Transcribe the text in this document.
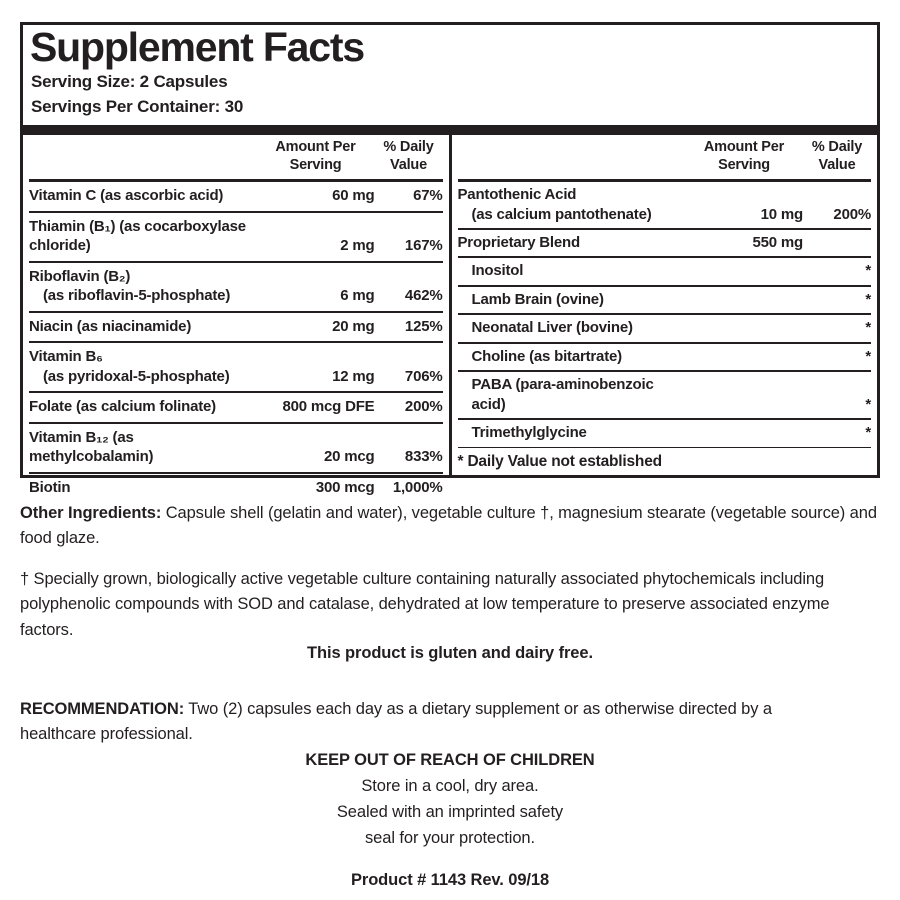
Supplement Facts
Serving Size: 2 Capsules
Servings Per Container: 30
Amount Per Serving
% Daily Value
Vitamin C (as ascorbic acid)	60 mg	67%
Thiamin (B₁) (as cocarboxylase chloride)	2 mg	167%
Riboflavin (B₂)
(as riboflavin-5-phosphate)	6 mg	462%
Niacin (as niacinamide)	20 mg	125%
Vitamin B₆
(as pyridoxal-5-phosphate)	12 mg	706%
Folate (as calcium folinate)	800 mcg DFE	200%
Vitamin B₁₂ (as methylcobalamin)	20 mcg	833%
Biotin	300 mcg	1,000%
Amount Per Serving
% Daily Value
Pantothenic Acid
(as calcium pantothenate)	10 mg	200%
Proprietary Blend	550 mg
Inositol	*
Lamb Brain (ovine)	*
Neonatal Liver (bovine)	*
Choline (as bitartrate)	*
PABA (para-aminobenzoic acid)	*
Trimethylglycine	*
* Daily Value not established

Other Ingredients: Capsule shell (gelatin and water), vegetable culture †, magnesium stearate (vegetable source) and food glaze.

† Specially grown, biologically active vegetable culture containing naturally associated phytochemicals including polyphenolic compounds with SOD and catalase, dehydrated at low temperature to preserve associated enzyme factors.

This product is gluten and dairy free.

RECOMMENDATION: Two (2) capsules each day as a dietary supplement or as otherwise directed by a healthcare professional.

KEEP OUT OF REACH OF CHILDREN
Store in a cool, dry area.
Sealed with an imprinted safety
seal for your protection.
Product # 1143 Rev. 09/18
